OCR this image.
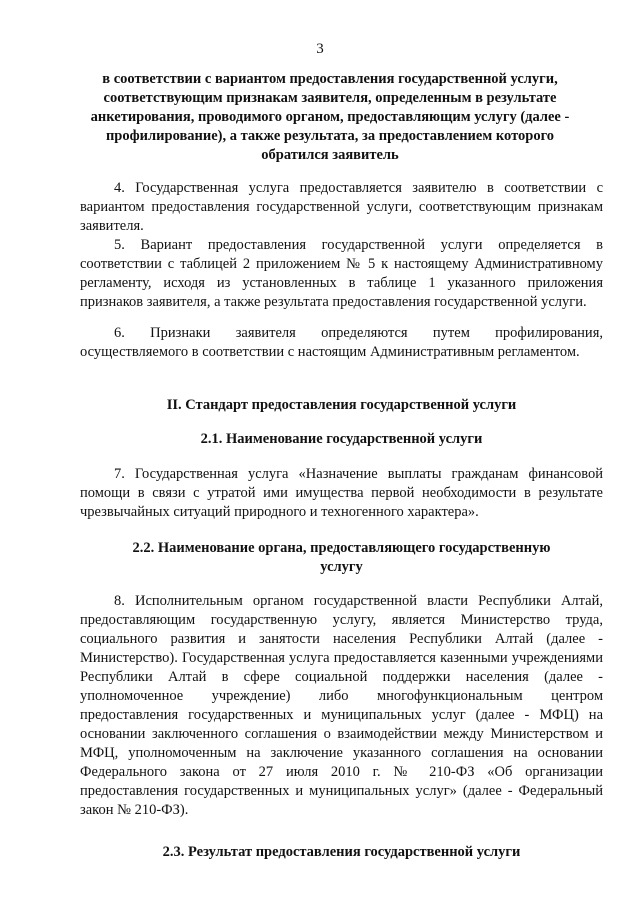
3
в соответствии с вариантом предоставления государственной услуги, соответствующим признакам заявителя, определенным в результате анкетирования, проводимого органом, предоставляющим услугу (далее - профилирование), а также результата, за предоставлением которого обратился заявитель
4. Государственная услуга предоставляется заявителю в соответствии с вариантом предоставления государственной услуги, соответствующим признакам заявителя.
5. Вариант предоставления государственной услуги определяется в соответствии с таблицей 2 приложением № 5 к настоящему Административному регламенту, исходя из установленных в таблице 1 указанного приложения признаков заявителя, а также результата предоставления государственной услуги.
6. Признаки заявителя определяются путем профилирования, осуществляемого в соответствии с настоящим Административным регламентом.
II. Стандарт предоставления государственной услуги
2.1. Наименование государственной услуги
7. Государственная услуга «Назначение выплаты гражданам финансовой помощи в связи с утратой ими имущества первой необходимости в результате чрезвычайных ситуаций природного и техногенного характера».
2.2. Наименование органа, предоставляющего государственную услугу
8. Исполнительным органом государственной власти Республики Алтай, предоставляющим государственную услугу, является Министерство труда, социального развития и занятости населения Республики Алтай (далее - Министерство). Государственная услуга предоставляется казенными учреждениями Республики Алтай в сфере социальной поддержки населения (далее - уполномоченное учреждение) либо многофункциональным центром предоставления государственных и муниципальных услуг (далее - МФЦ) на основании заключенного соглашения о взаимодействии между Министерством и МФЦ, уполномоченным на заключение указанного соглашения на основании Федерального закона от 27 июля 2010 г. № 210-ФЗ «Об организации предоставления государственных и муниципальных услуг» (далее - Федеральный закон № 210-ФЗ).
2.3. Результат предоставления государственной услуги
